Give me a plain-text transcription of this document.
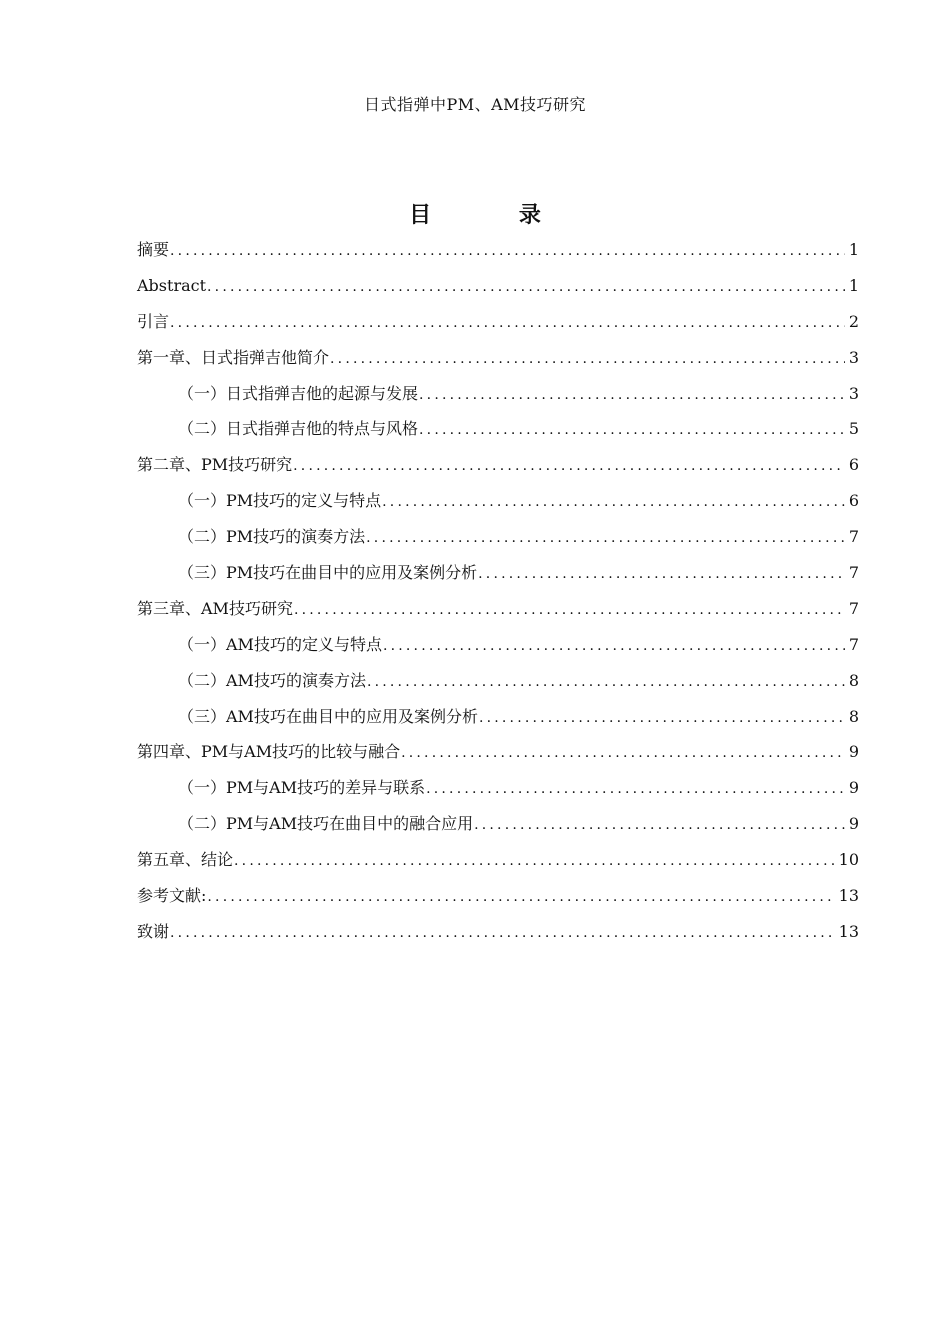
日式指弹中PM、AM技巧研究
目 录
摘要 .....	1
Abstract .....	1
引言 .....	2
第一章、日式指弹吉他简介 .....	3
（一）日式指弹吉他的起源与发展 .....	3
（二）日式指弹吉他的特点与风格 .....	5
第二章、PM技巧研究 .....	6
（一）PM技巧的定义与特点 .....	6
（二）PM技巧的演奏方法 .....	7
（三）PM技巧在曲目中的应用及案例分析 .....	7
第三章、AM技巧研究 .....	7
（一）AM技巧的定义与特点 .....	7
（二）AM技巧的演奏方法 .....	8
（三）AM技巧在曲目中的应用及案例分析 .....	8
第四章、PM与AM技巧的比较与融合 .....	9
（一）PM与AM技巧的差异与联系 .....	9
（二）PM与AM技巧在曲目中的融合应用 .....	9
第五章、结论 .....	10
参考文献: .....	13
致谢 .....	13
